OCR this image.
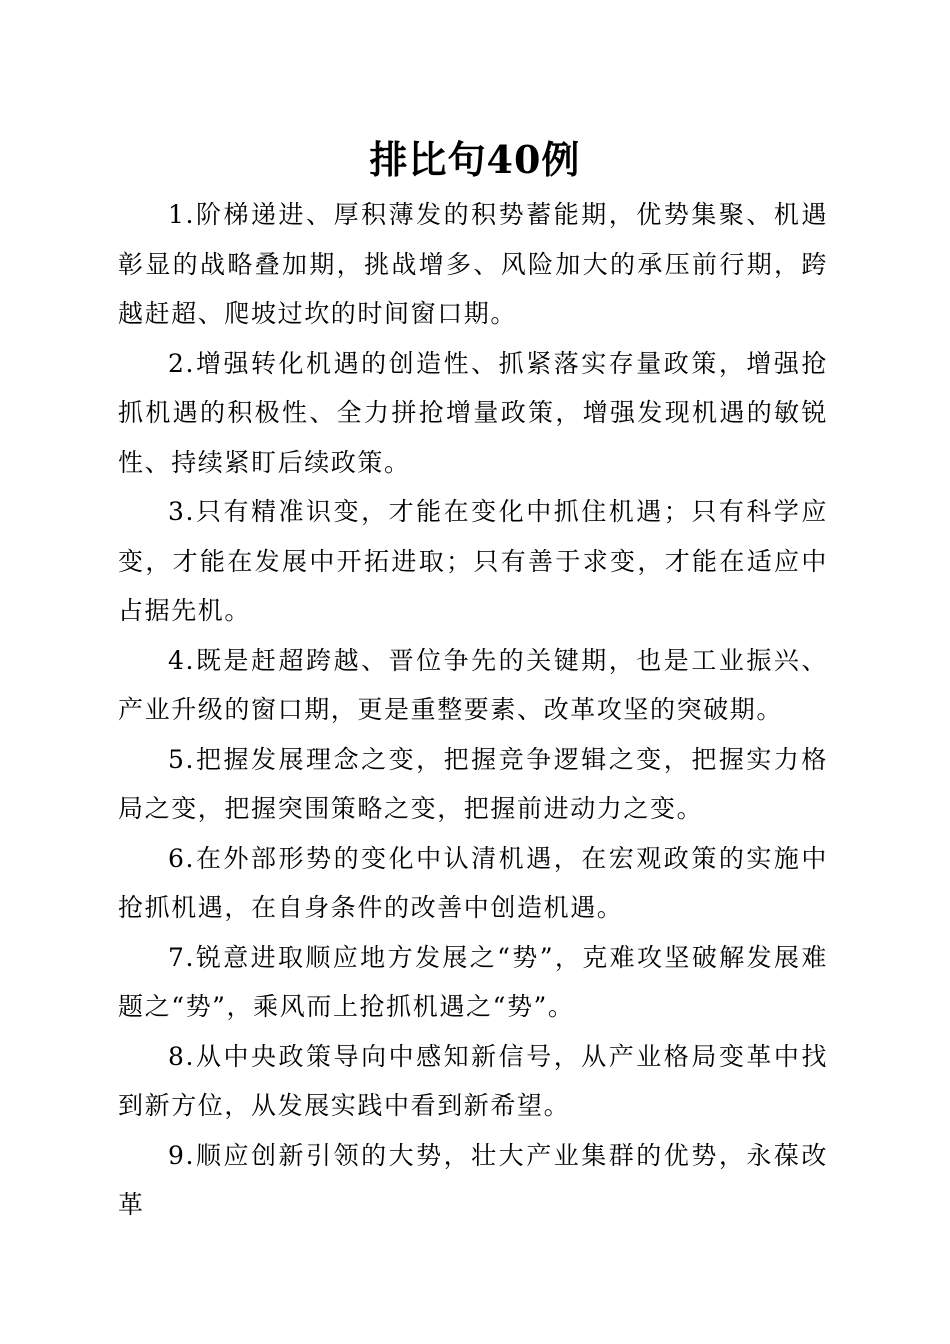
排比句40例

1.阶梯递进、厚积薄发的积势蓄能期，优势集聚、机遇彰显的战略叠加期，挑战增多、风险加大的承压前行期，跨越赶超、爬坡过坎的时间窗口期。

2.增强转化机遇的创造性、抓紧落实存量政策，增强抢抓机遇的积极性、全力拼抢增量政策，增强发现机遇的敏锐性、持续紧盯后续政策。

3.只有精准识变，才能在变化中抓住机遇；只有科学应变，才能在发展中开拓进取；只有善于求变，才能在适应中占据先机。

4.既是赶超跨越、晋位争先的关键期，也是工业振兴、产业升级的窗口期，更是重整要素、改革攻坚的突破期。

5.把握发展理念之变，把握竞争逻辑之变，把握实力格局之变，把握突围策略之变，把握前进动力之变。

6.在外部形势的变化中认清机遇，在宏观政策的实施中抢抓机遇，在自身条件的改善中创造机遇。

7.锐意进取顺应地方发展之“势”，克难攻坚破解发展难题之“势”，乘风而上抢抓机遇之“势”。

8.从中央政策导向中感知新信号，从产业格局变革中找到新方位，从发展实践中看到新希望。

9.顺应创新引领的大势，壮大产业集群的优势，永葆改革
